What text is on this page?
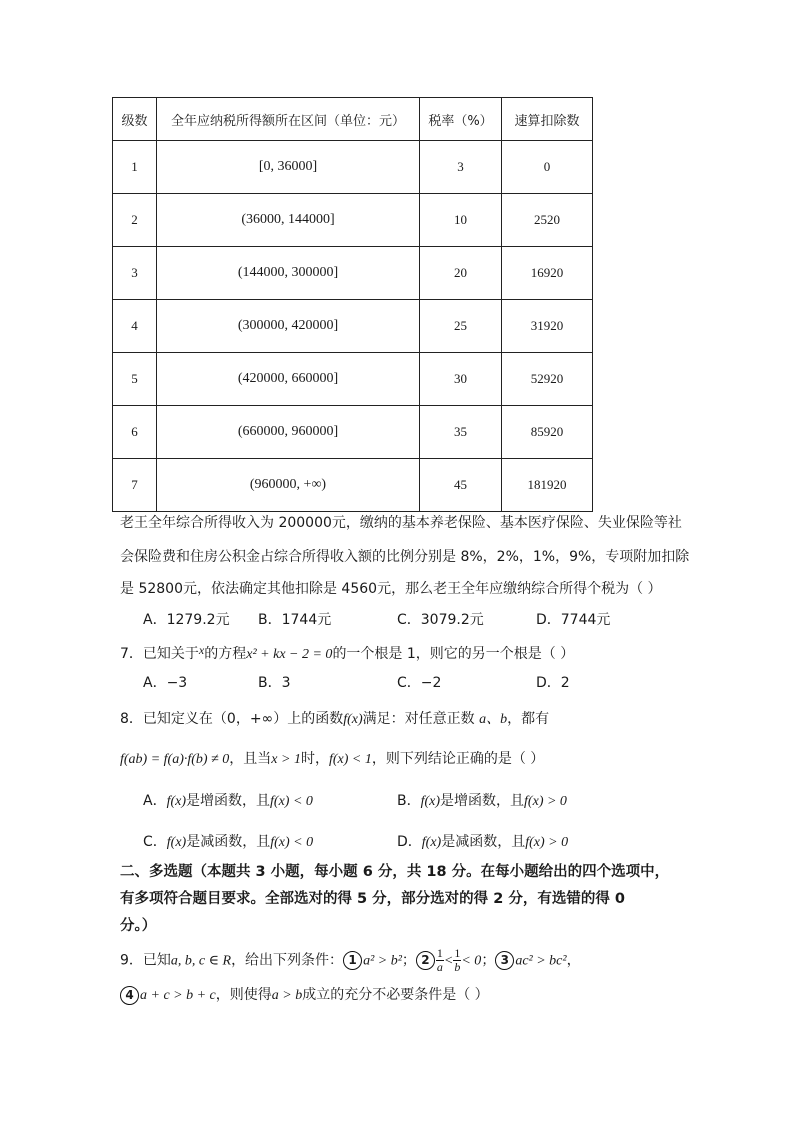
级数	全年应纳税所得额所在区间（单位：元）	税率（%）	速算扣除数
1	[0, 36000]	3	0
2	(36000, 144000]	10	2520
3	(144000, 300000]	20	16920
4	(300000, 420000]	25	31920
5	(420000, 660000]	30	52920
6	(660000, 960000]	35	85920
7	(960000, +∞)	45	181920
老王全年综合所得收入为 200000元，缴纳的基本养老保险、基本医疗保险、失业保险等社
会保险费和住房公积金占综合所得收入额的比例分别是 8%，2%，1%，9%，专项附加扣除
是 52800元，依法确定其他扣除是 4560元，那么老王全年应缴纳综合所得个税为（ ）
A．1279.2元 B．1744元	C．3079.2元	D．7744元
7．已知关于x的方程x² + kx − 2 = 0的一个根是 1，则它的另一个根是（ ）
A．−3	B．3	C．−2	D．2
8．已知定义在（0，+∞）上的函数f(x)满足：对任意正数 a、b，都有
f(ab) = f(a)·f(b) ≠ 0，且当x > 1时，f(x) < 1，则下列结论正确的是（ ）
A．f(x)是增函数，且f(x) < 0	B．f(x)是增函数，且f(x) > 0
C．f(x)是减函数，且f(x) < 0	D．f(x)是减函数，且f(x) > 0
二、多选题（本题共 3 小题，每小题 6 分，共 18 分。在每小题给出的四个选项中，
有多项符合题目要求。全部选对的得 5 分，部分选对的得 2 分，有选错的得 0
分。）
9．已知a, b, c ∈ R，给出下列条件： 1 a² > b²； $2 \frac{1}{a} < \frac{1}{b} < 0$； 3 ac² > bc²，
4 a + c > b + c，则使得a > b成立的充分不必要条件是（ ）
